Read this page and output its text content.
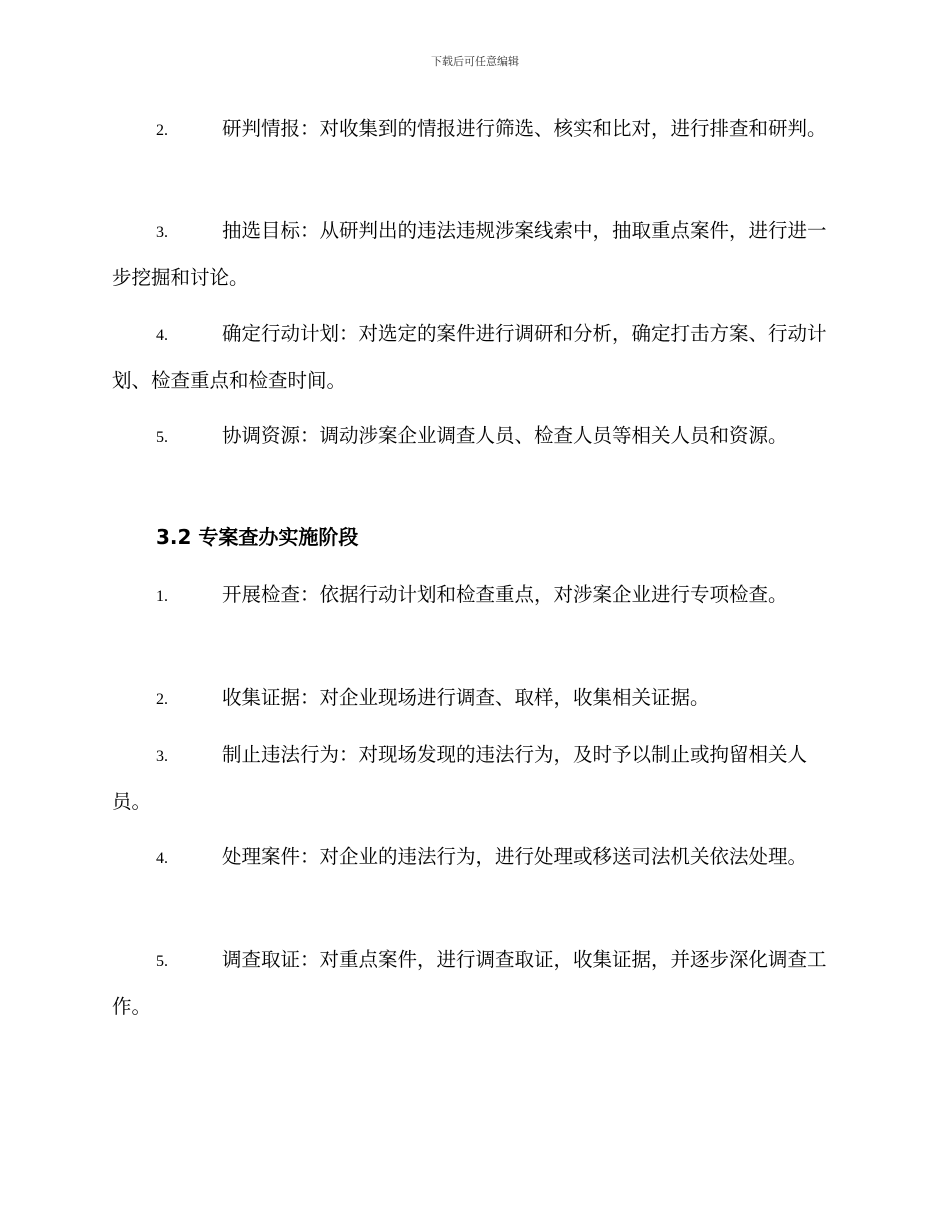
下载后可任意编辑
2.	研判情报：对收集到的情报进行筛选、核实和比对，进行排查和研判。
3.	抽选目标：从研判出的违法违规涉案线索中，抽取重点案件，进行进一步挖掘和讨论。
4.	确定行动计划：对选定的案件进行调研和分析，确定打击方案、行动计划、检查重点和检查时间。
5.	协调资源：调动涉案企业调查人员、检查人员等相关人员和资源。
3.2 专案查办实施阶段
1.	开展检查：依据行动计划和检查重点，对涉案企业进行专项检查。
2.	收集证据：对企业现场进行调查、取样，收集相关证据。
3.	制止违法行为：对现场发现的违法行为，及时予以制止或拘留相关人员。
4.	处理案件：对企业的违法行为，进行处理或移送司法机关依法处理。
5.	调查取证：对重点案件，进行调查取证，收集证据，并逐步深化调查工作。
